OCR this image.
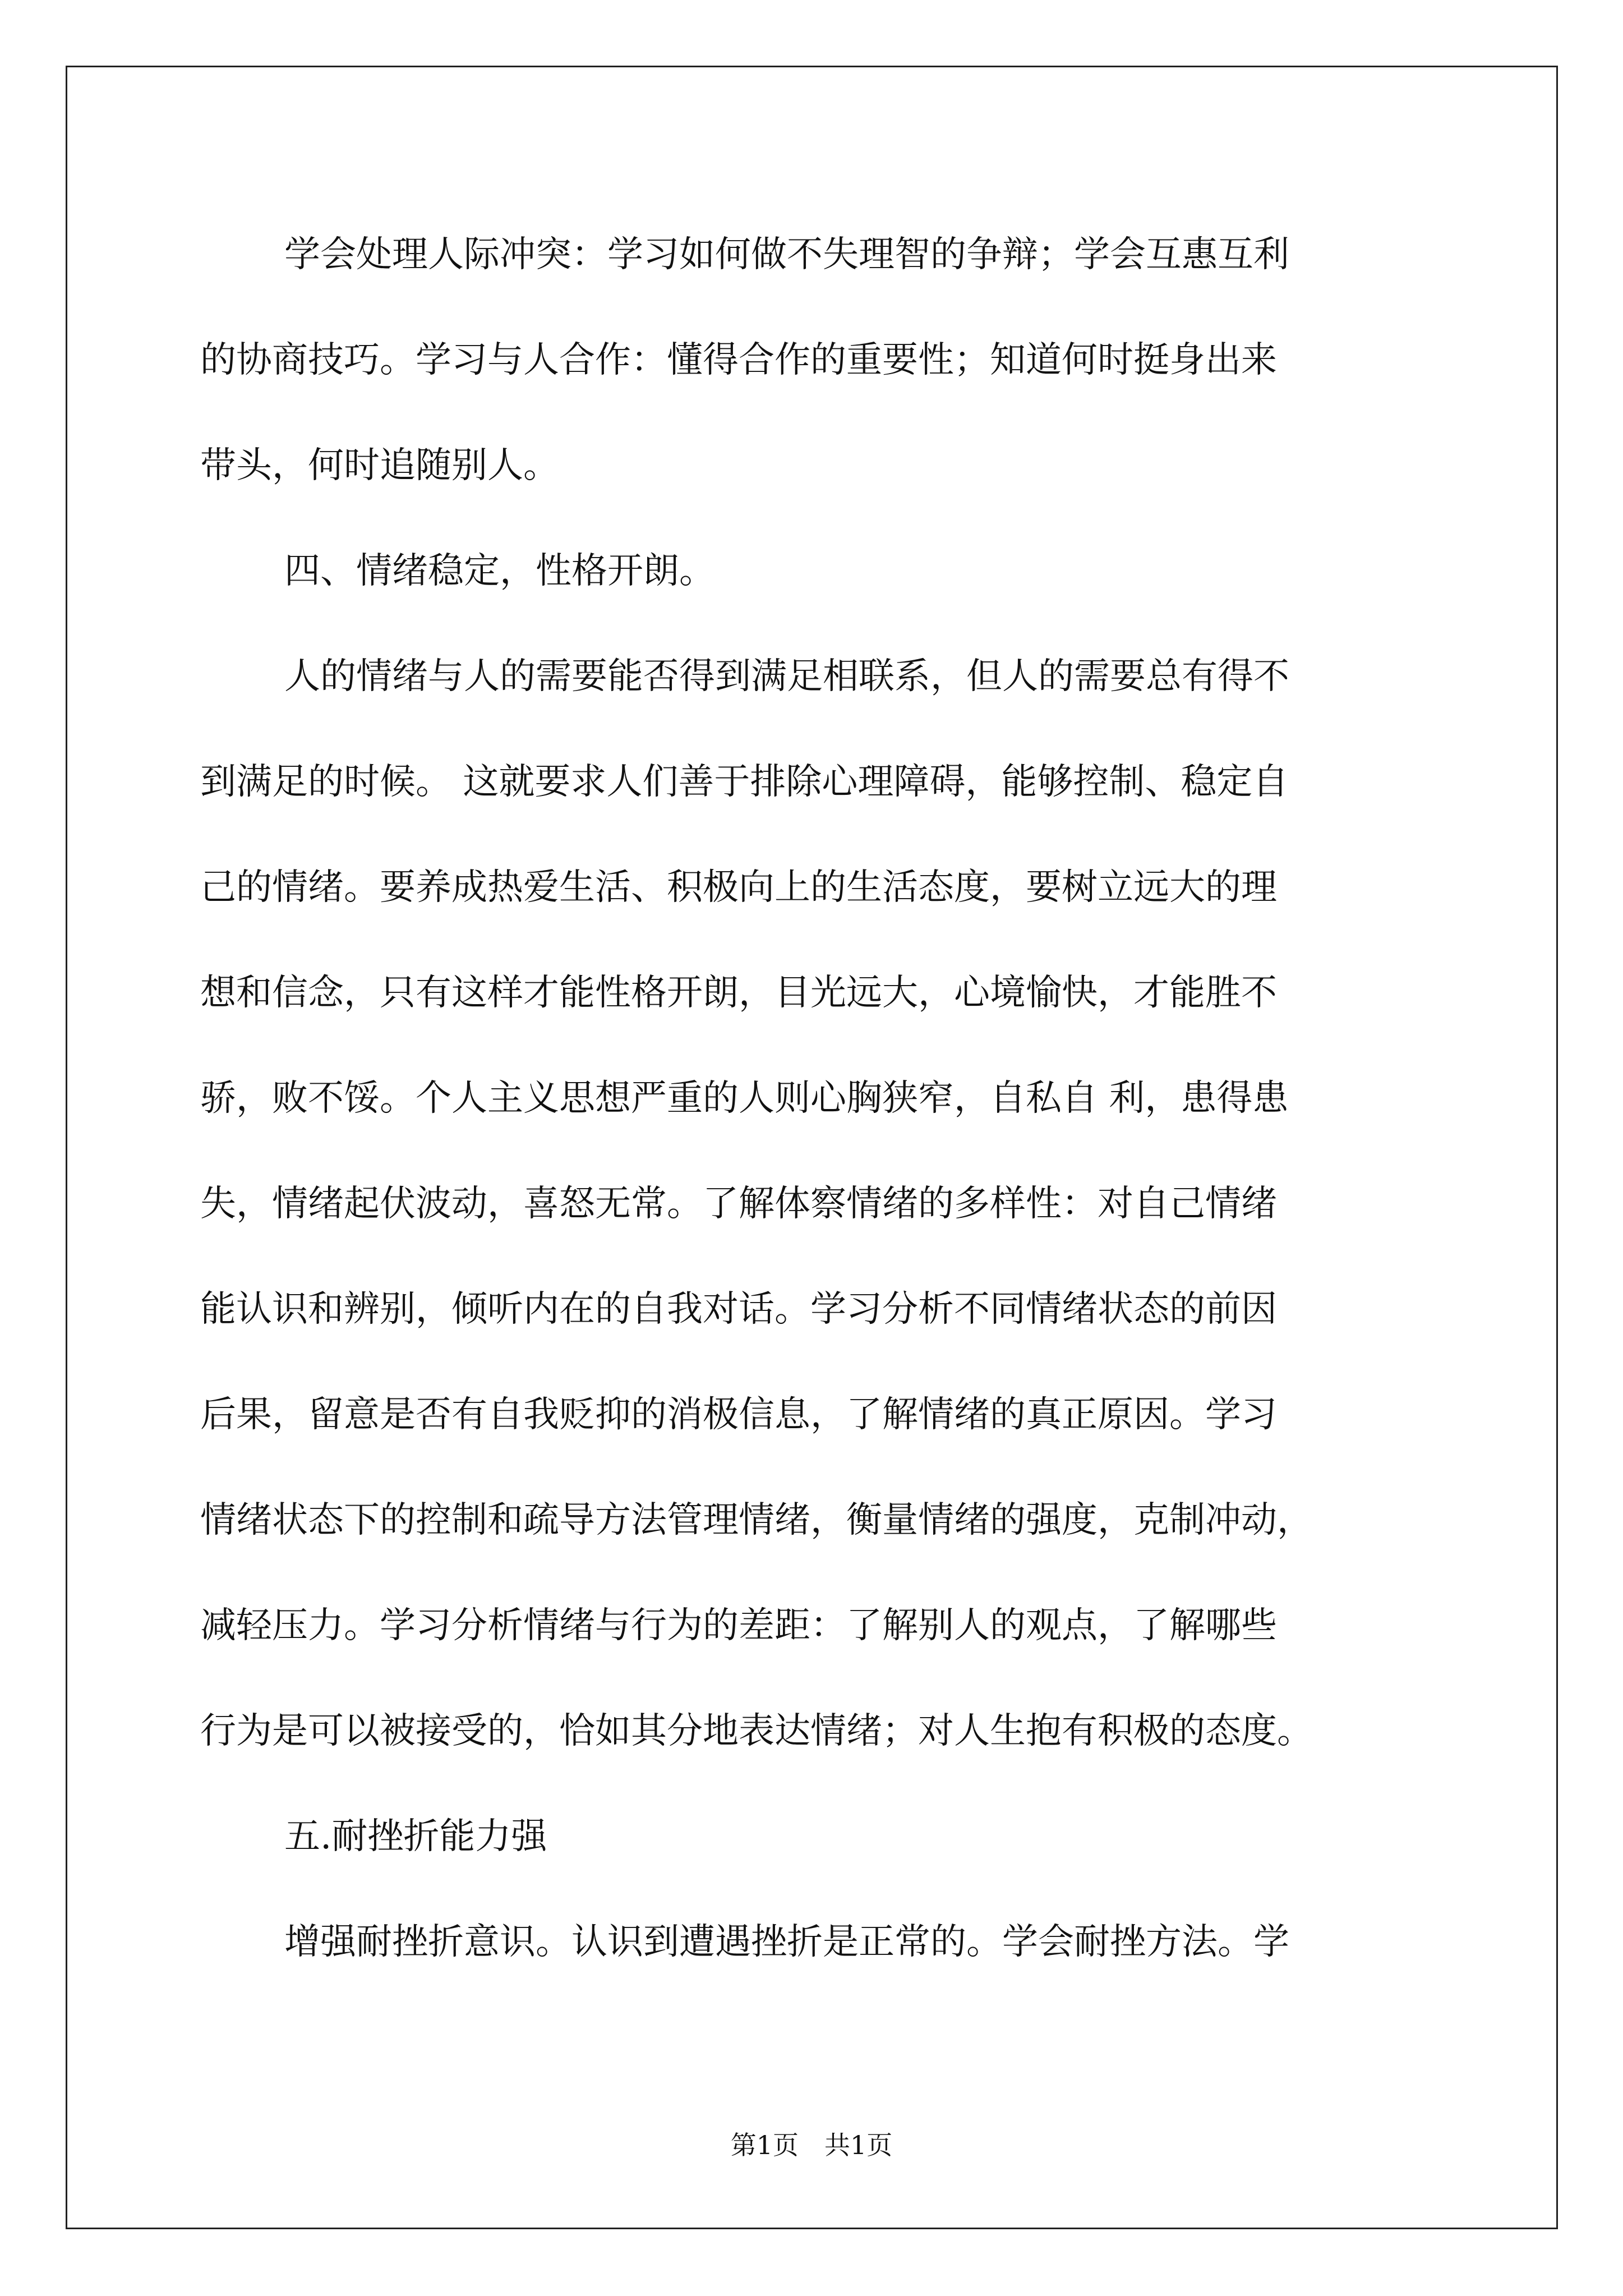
学会处理人际冲突：学习如何做不失理智的争辩；学会互惠互利
的协商技巧。学习与人合作：懂得合作的重要性；知道何时挺身出来
带头，何时追随别人。
四、情绪稳定，性格开朗。
人的情绪与人的需要能否得到满足相联系，但人的需要总有得不
到满足的时候。 这就要求人们善于排除心理障碍，能够控制、稳定自
己的情绪。要养成热爱生活、积极向上的生活态度，要树立远大的理
想和信念，只有这样才能性格开朗，目光远大，心境愉快，才能胜不
骄，败不馁。个人主义思想严重的人则心胸狭窄，自私自 利，患得患
失，情绪起伏波动，喜怒无常。了解体察情绪的多样性：对自己情绪
能认识和辨别，倾听内在的自我对话。学习分析不同情绪状态的前因
后果，留意是否有自我贬抑的消极信息，了解情绪的真正原因。学习
情绪状态下的控制和疏导方法管理情绪，衡量情绪的强度，克制冲动，
减轻压力。学习分析情绪与行为的差距：了解别人的观点，了解哪些
行为是可以被接受的，恰如其分地表达情绪；对人生抱有积极的态度。
五.耐挫折能力强
增强耐挫折意识。认识到遭遇挫折是正常的。学会耐挫方法。学
第1页　共1页
